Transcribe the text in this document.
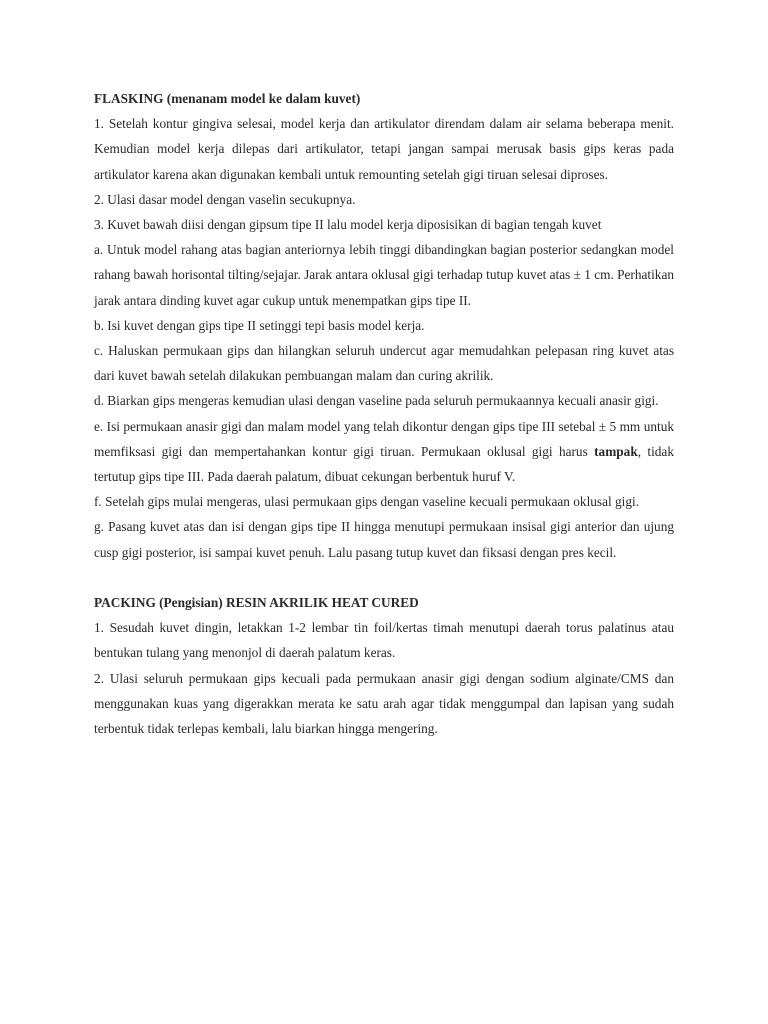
FLASKING (menanam model ke dalam kuvet)

1. Setelah kontur gingiva selesai, model kerja dan artikulator direndam dalam air selama beberapa menit. Kemudian model kerja dilepas dari artikulator, tetapi jangan sampai merusak basis gips keras pada artikulator karena akan digunakan kembali untuk remounting setelah gigi tiruan selesai diproses.

2. Ulasi dasar model dengan vaselin secukupnya.

3. Kuvet bawah diisi dengan gipsum tipe II lalu model kerja diposisikan di bagian tengah kuvet

a. Untuk model rahang atas bagian anteriornya lebih tinggi dibandingkan bagian posterior sedangkan model rahang bawah horisontal tilting/sejajar. Jarak antara oklusal gigi terhadap tutup kuvet atas ± 1 cm. Perhatikan jarak antara dinding kuvet agar cukup untuk menempatkan gips tipe II.

b. Isi kuvet dengan gips tipe II setinggi tepi basis model kerja.

c. Haluskan permukaan gips dan hilangkan seluruh undercut agar memudahkan pelepasan ring kuvet atas dari kuvet bawah setelah dilakukan pembuangan malam dan curing akrilik.

d. Biarkan gips mengeras kemudian ulasi dengan vaseline pada seluruh permukaannya kecuali anasir gigi.

e. Isi permukaan anasir gigi dan malam model yang telah dikontur dengan gips tipe III setebal ± 5 mm untuk memfiksasi gigi dan mempertahankan kontur gigi tiruan. Permukaan oklusal gigi harus tampak, tidak tertutup gips tipe III. Pada daerah palatum, dibuat cekungan berbentuk huruf V.

f. Setelah gips mulai mengeras, ulasi permukaan gips dengan vaseline kecuali permukaan oklusal gigi.

g. Pasang kuvet atas dan isi dengan gips tipe II hingga menutupi permukaan insisal gigi anterior dan ujung cusp gigi posterior, isi sampai kuvet penuh. Lalu pasang tutup kuvet dan fiksasi dengan pres kecil.

PACKING (Pengisian) RESIN AKRILIK HEAT CURED

1. Sesudah kuvet dingin, letakkan 1-2 lembar tin foil/kertas timah menutupi daerah torus palatinus atau bentukan tulang yang menonjol di daerah palatum keras.

2. Ulasi seluruh permukaan gips kecuali pada permukaan anasir gigi dengan sodium alginate/CMS dan menggunakan kuas yang digerakkan merata ke satu arah agar tidak menggumpal dan lapisan yang sudah terbentuk tidak terlepas kembali, lalu biarkan hingga mengering.
